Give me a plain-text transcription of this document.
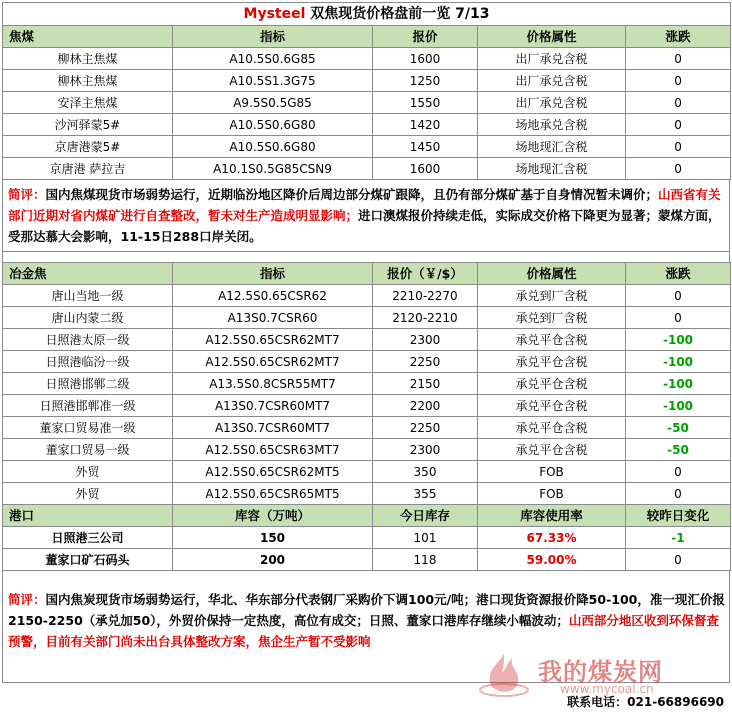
Mysteel 双焦现货价格盘前一览 7/13				
焦煤	指标	报价	价格属性	涨跌
柳林主焦煤	A10.5S0.6G85	1600	出厂承兑含税	0
柳林主焦煤	A10.5S1.3G75	1250	出厂承兑含税	0
安泽主焦煤	A9.5S0.5G85	1550	出厂承兑含税	0
沙河驿蒙5#	A10.5S0.6G80	1420	场地承兑含税	0
京唐港蒙5#	A10.5S0.6G80	1450	场地现汇含税	0
京唐港 萨拉吉	A10.1S0.5G85CSN9	1600	场地现汇含税	0
简评：国内焦煤现货市场弱势运行，近期临汾地区降价后周边部分煤矿跟降，且仍有部分煤矿基于自身情况暂未调价；山西省有关部门近期对省内煤矿进行自查整改，暂未对生产造成明显影响；进口澳煤报价持续走低，实际成交价格下降更为显著；蒙煤方面，受那达慕大会影响，11-15日288口岸关闭。
冶金焦	指标	报价（￥/$）	价格属性	涨跌
唐山当地一级	A12.5S0.65CSR62	2210-2270	承兑到厂含税	0
唐山内蒙二级	A13S0.7CSR60	2120-2210	承兑到厂含税	0
日照港太原一级	A12.5S0.65CSR62MT7	2300	承兑平仓含税	-100
日照港临汾一级	A12.5S0.65CSR62MT7	2250	承兑平仓含税	-100
日照港邯郸二级	A13.5S0.8CSR55MT7	2150	承兑平仓含税	-100
日照港邯郸准一级	A13S0.7CSR60MT7	2200	承兑平仓含税	-100
董家口贸易准一级	A13S0.7CSR60MT7	2250	承兑平仓含税	-50
董家口贸易一级	A12.5S0.65CSR63MT7	2300	承兑平仓含税	-50
外贸	A12.5S0.65CSR62MT5	350	FOB	0
外贸	A12.5S0.65CSR65MT5	355	FOB	0
港口	库容（万吨）	今日库存	库容使用率	较昨日变化
日照港三公司	150	101	67.33%	-1
董家口矿石码头	200	118	59.00%	0
简评：国内焦炭现货市场弱势运行，华北、华东部分代表钢厂采购价下调100元/吨；港口现货资源报价降50-100，准一现汇价报2150-2250（承兑加50），外贸价保持一定热度，高位有成交；日照、董家口港库存继续小幅波动；山西部分地区收到环保督查预警，目前有关部门尚未出台具体整改方案，焦企生产暂不受影响
我的煤炭网
www.mycoal.cn
联系电话：021-66896690
